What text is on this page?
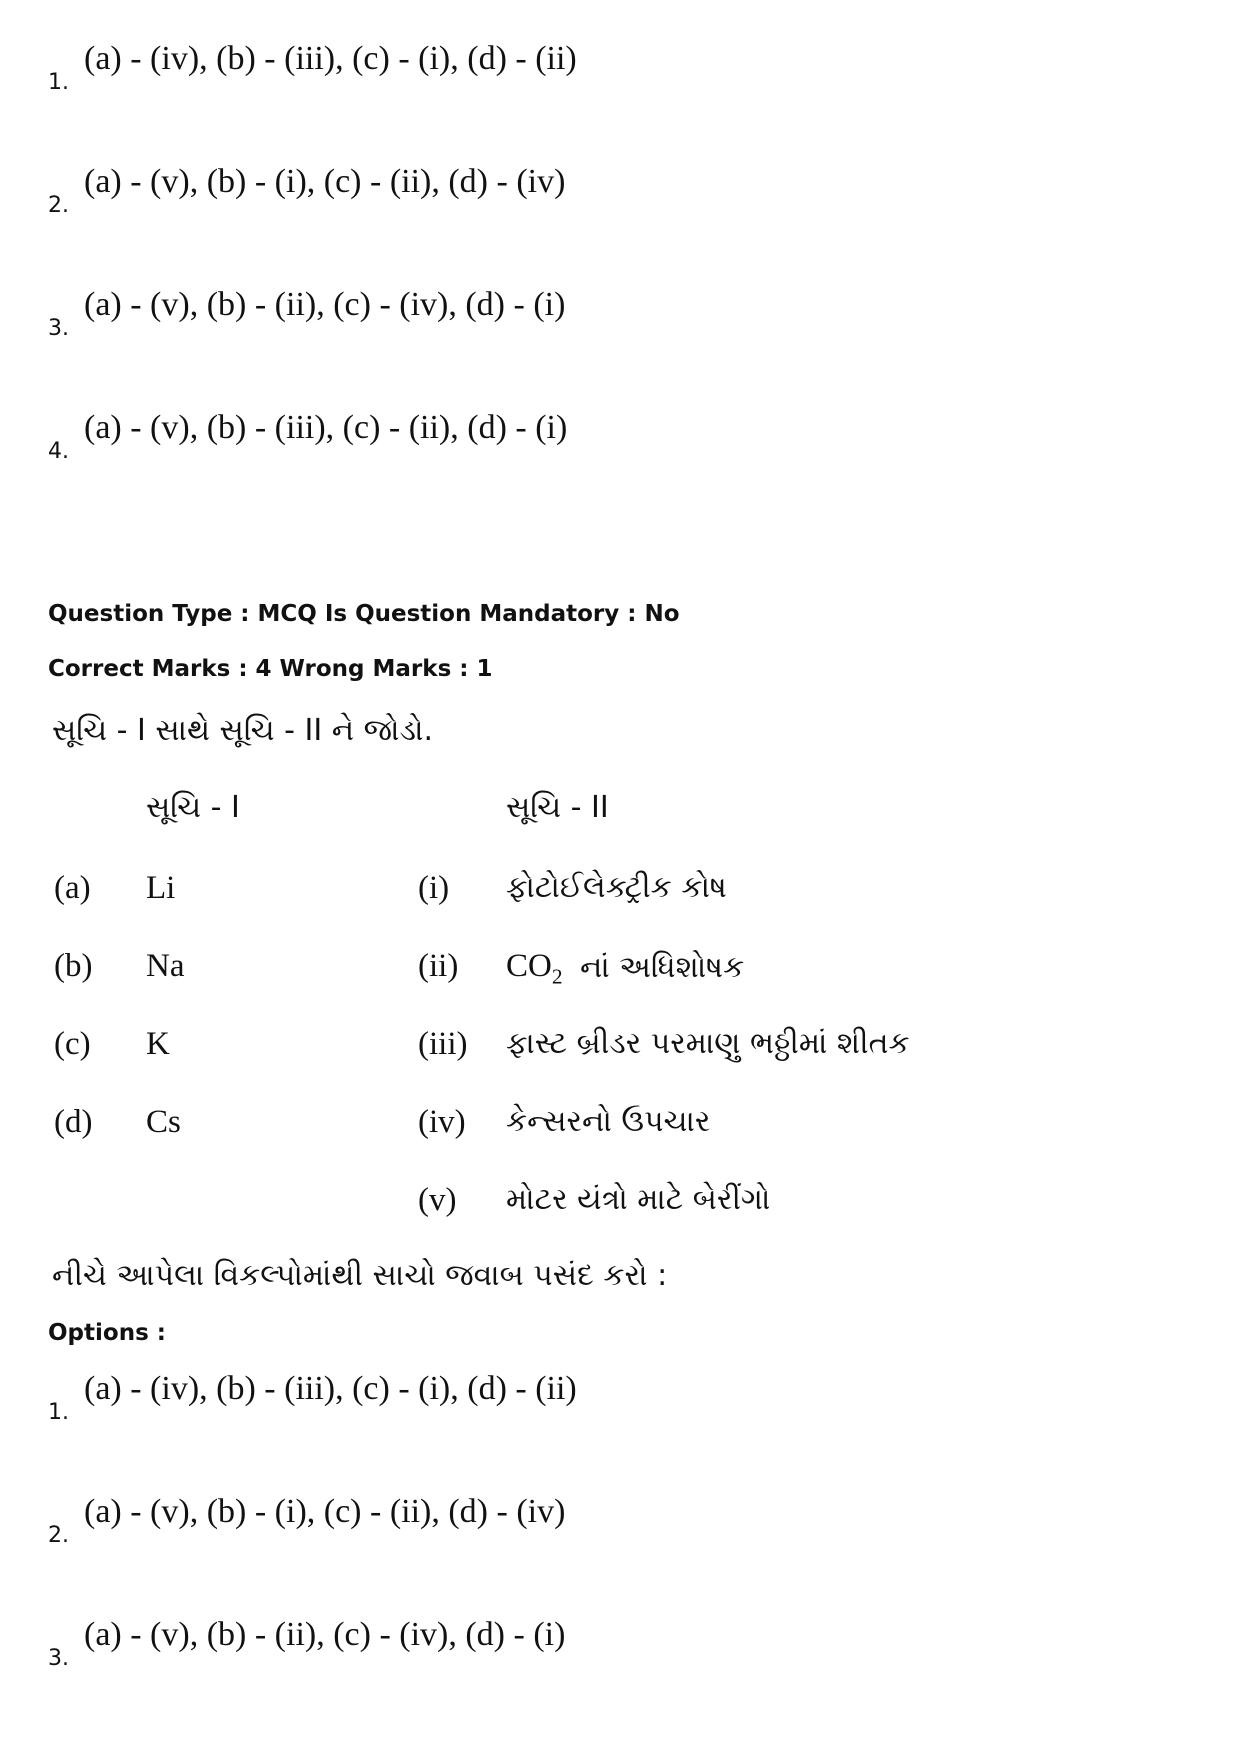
1.
(a) - (iv), (b) - (iii), (c) - (i), (d) - (ii)
2.
(a) - (v), (b) - (i), (c) - (ii), (d) - (iv)
3.
(a) - (v), (b) - (ii), (c) - (iv), (d) - (i)
4.
(a) - (v), (b) - (iii), (c) - (ii), (d) - (i)
Question Type : MCQ Is Question Mandatory : No
Correct Marks : 4 Wrong Marks : 1
સૂચિ - I સાથે સૂચિ - II ને જોડો.
સૂચિ - I	સૂચિ - II
(a) Li	(i) ફોટોઈલેક્ટ્રીક કોષ
(b) Na	(ii) $CO_2$ નાં અધિશોષક
(c) K	(iii) ફાસ્ટ બ્રીડર પરમાણુ ભઠ્ઠીમાં શીતક
(d) Cs	(iv) કેન્સરનો ઉપચાર
(v) મોટર યંત્રો માટે બેરીંગો
નીચે આપેલા વિકલ્પોમાંથી સાચો જવાબ પસંદ કરો :
Options :
1.
(a) - (iv), (b) - (iii), (c) - (i), (d) - (ii)
2.
(a) - (v), (b) - (i), (c) - (ii), (d) - (iv)
3.
(a) - (v), (b) - (ii), (c) - (iv), (d) - (i)
